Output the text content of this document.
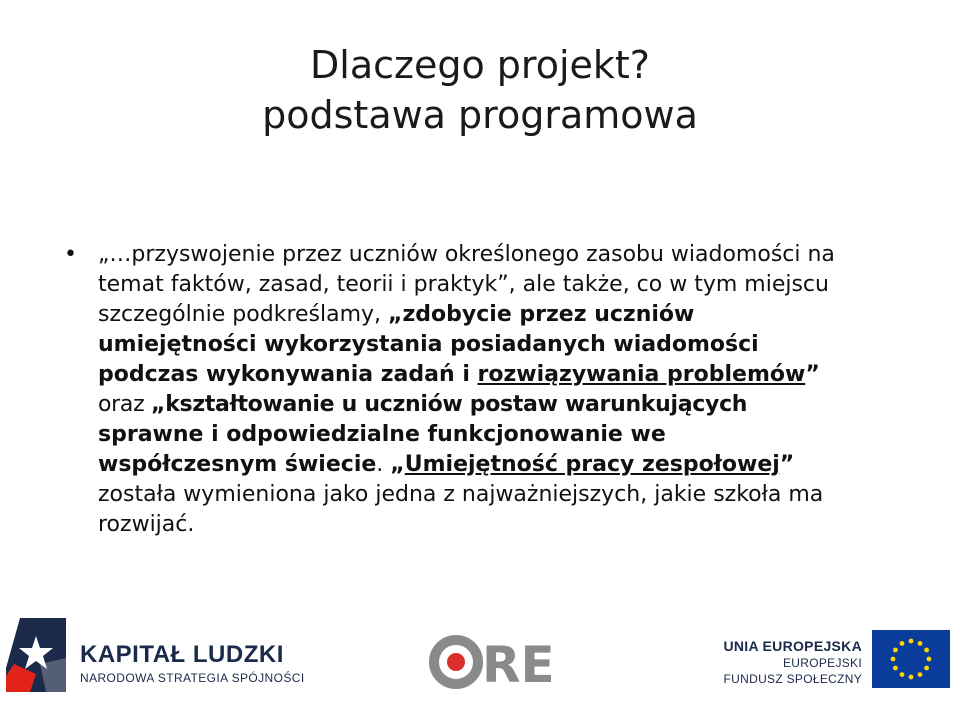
Dlaczego projekt?
podstawa programowa
• „…przyswojenie przez uczniów określonego zasobu wiadomości na
temat faktów, zasad, teorii i praktyk”, ale także, co w tym miejscu
szczególnie podkreślamy, „zdobycie przez uczniów
umiejętności wykorzystania posiadanych wiadomości
podczas wykonywania zadań i rozwiązywania problemów”
oraz „kształtowanie u uczniów postaw warunkujących
sprawne i odpowiedzialne funkcjonowanie we
współczesnym świecie. „Umiejętność pracy zespołowej”
została wymieniona jako jedna z najważniejszych, jakie szkoła ma
rozwijać.
KAPITAŁ LUDZKI
NARODOWA STRATEGIA SPÓJNOŚCI	RE	UNIA EUROPEJSKA
EUROPEJSKI
FUNDUSZ SPOŁECZNY
